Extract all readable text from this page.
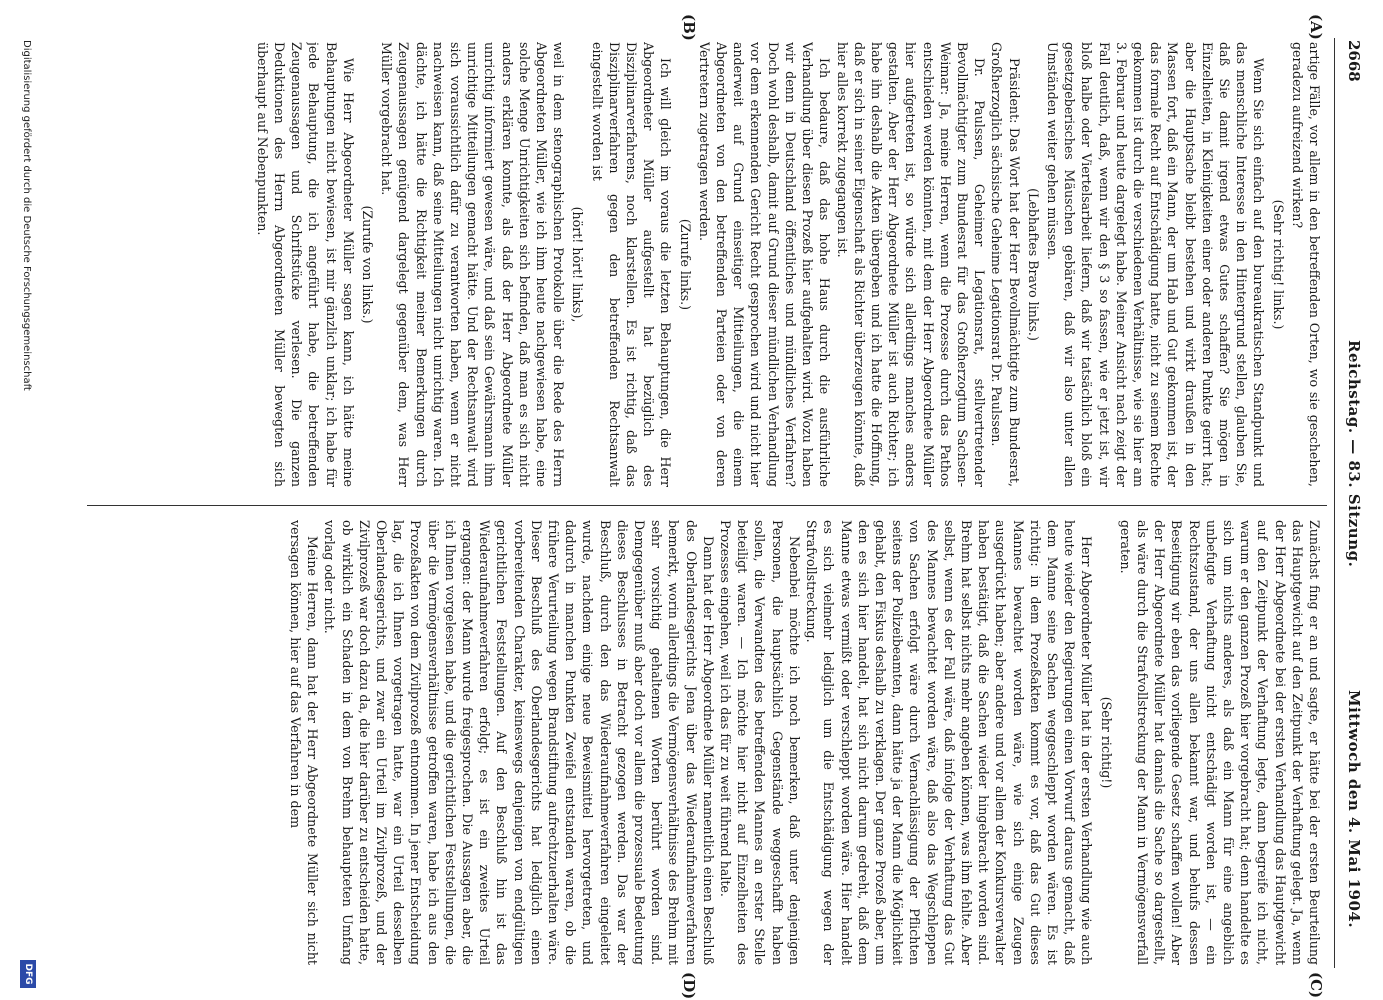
2668
Reichstag. — 83. Sitzung.
Mittwoch den 4. Mai 1904.
(A)
(B)
(C)
(D)

artige Fälle, vor allem in den betreffenden Orten, wo sie geschehen, geradezu aufreizend wirken?

(Sehr richtig! links.)

Wenn Sie sich einfach auf den bureaukratischen Standpunkt und das menschliche Interesse in den Hintergrund stellen, glauben Sie, daß Sie damit irgend etwas Gutes schaffen? Sie mögen in Einzelheiten, in Kleinigkeiten einer oder anderen Punkte geirrt hat; aber die Hauptsache bleibt bestehen und wirkt draußen in den Massen fort, daß ein Mann, der um Hab und Gut gekommen ist, der das formale Recht auf Entschädigung hatte, nicht zu seinem Rechte gekommen ist durch die verschiedenen Verhältnisse, wie sie hier am 3. Februar und heute dargelegt habe. Meiner Ansicht nach zeigt der Fall deutlich, daß, wenn wir den § 3 so fassen, wie er jetzt ist, wir bloß halbe oder Viertelsarbeit liefern, daß wir tatsächlich bloß ein gesetzgeberisches Mäuschen gebären, daß wir also unter allen Umständen weiter gehen müssen.

(Lebhaftes Bravo links.)

Präsident: Das Wort hat der Herr Bevollmächtigte zum Bundesrat, Großherzoglich sächsische Geheime Legationsrat Dr. Paulssen.

Dr. Paulssen, Geheimer Legationsrat, stellvertretender Bevollmächtigter zum Bundesrat für das Großherzogtum Sachsen-Weimar: Ja, meine Herren, wenn die Prozesse durch das Pathos entschieden werden könnten, mit dem der Herr Abgeordnete Müller hier aufgetreten ist, so würde sich allerdings manches anders gestalten. Aber der Herr Abgeordnete Müller ist auch Richter; ich habe ihn deshalb die Akten übergeben und ich hatte die Hoffnung, daß er sich in seiner Eigenschaft als Richter überzeugen könnte, daß hier alles korrekt zugegangen ist.

Ich bedaure, daß das hohe Haus durch die ausführliche Verhandlung über diesen Prozeß hier aufgehalten wird. Wozu haben wir denn in Deutschland öffentliches und mündliches Verfahren? Doch wohl deshalb, damit auf Grund dieser mündlichen Verhandlung vor dem erkennenden Gericht Recht gesprochen wird und nicht hier anderweit auf Grund einseitiger Mitteilungen, die einem Abgeordneten von den betreffenden Parteien oder von deren Vertretern zugetragen werden.

(Zurufe links.)

Ich will gleich im voraus die letzten Behauptungen, die Herr Abgeordneter Müller aufgestellt hat bezüglich des Disziplinarverfahrens, noch klarstellen. Es ist richtig, daß das Disziplinarverfahren gegen den betreffenden Rechtsanwalt eingestellt worden ist

(hört! hört! links),

weil in dem stenographischen Protokolle über die Rede des Herrn Abgeordneten Müller, wie ich ihm heute nachgewiesen habe, eine solche Menge Unrichtigkeiten sich befinden, daß man es sich nicht anders erklären konnte, als daß der Herr Abgeordnete Müller unrichtig informiert gewesen wäre, und daß sein Gewährsmann ihm unrichtige Mitteilungen gemacht hätte. Und der Rechtsanwalt wird sich voraussichtlich dafür zu verantworten haben, wenn er nicht nachweisen kann, daß seine Mitteilungen nicht unrichtig waren. Ich dächte, ich hätte die Richtigkeit meiner Bemerkungen durch Zeugenaussagen genügend dargelegt gegenüber dem, was Herr Müller vorgebracht hat.

(Zurufe von links.)

Wie Herr Abgeordneter Müller sagen kann, ich hätte meine Behauptungen nicht bewiesen, ist mir gänzlich unklar; ich habe für jede Behauptung, die ich angeführt habe, die betreffenden Zeugenaussagen und Schriftstücke verlesen. Die ganzen Deduktionen des Herrn Abgeordneten Müller bewegten sich überhaupt auf Nebenpunkten.

Zunächst fing er an und sagte, er hätte bei der ersten Beurteilung das Hauptgewicht auf den Zeitpunkt der Verhaftung gelegt. Ja, wenn der Herr Abgeordnete bei der ersten Verhandlung das Hauptgewicht auf den Zeitpunkt der Verhaftung legte, dann begreife ich nicht, warum er den ganzen Prozeß hier vorgebracht hat; denn handelte es sich um nichts anderes, als daß ein Mann für eine angeblich unbefugte Verhaftung nicht entschädigt worden ist, — ein Rechtszustand, der uns allen bekannt war, und behufs dessen Beseitigung wir eben das vorliegende Gesetz schaffen wollen! Aber der Herr Abgeordnete Müller hat damals die Sache so dargestellt, als wäre durch die Strafvollstreckung der Mann in Vermögensverfall geraten.

(Sehr richtig!)

Herr Abgeordneter Müller hat in der ersten Verhandlung wie auch heute wieder den Regierungen einen Vorwurf daraus gemacht, daß dem Manne seine Sachen weggeschleppt worden wären. Es ist richtig: in dem Prozeßakten kommt es vor, daß das Gut dieses Mannes bewachtet worden wäre, wie sich einige Zeugen ausgedrückt haben; aber andere und vor allem der Konkursverwalter haben bestätigt, daß die Sachen wieder hingebracht worden sind. Brehm hat selbst nichts mehr angeben können, was ihm fehlte. Aber selbst, wenn es der Fall wäre, daß infolge der Verhaftung das Gut des Mannes bewachtet worden wäre, daß also das Wegschleppen von Sachen erfolgt wäre durch Vernachlässigung der Pflichten seitens der Polizeibeamten, dann hätte ja der Mann die Möglichkeit gehabt, den Fiskus deshalb zu verklagen. Der ganze Prozeß aber, um den es sich hier handelt, hat sich nicht darum gedreht, daß dem Manne etwas vermißt oder verschleppt worden wäre. Hier handelt es sich vielmehr lediglich um die Entschädigung wegen der Strafvollstreckung.

Nebenbei möchte ich noch bemerken, daß unter denjenigen Personen, die hauptsächlich Gegenstände weggeschafft haben sollen, die Verwandten des betreffenden Mannes an erster Stelle beteiligt waren. — Ich möchte hier nicht auf Einzelheiten des Prozesses eingehen, weil ich das für zu weit führend halte.

Dann hat der Herr Abgeordnete Müller namentlich einen Beschluß des Oberlandesgerichts Jena über das Wiederaufnahmeverfahren bemerkt, worin allerdings die Vermögensverhältnisse des Brehm mit sehr vorsichtig gehaltenen Worten berührt worden sind. Demgegenüber muß aber doch vor allem die prozessuale Bedeutung dieses Beschlusses in Betracht gezogen werden. Das war der Beschluß, durch den das Wiederaufnahmeverfahren eingeleitet wurde, nachdem einige neue Beweismittel hervorgetreten, und dadurch in manchen Punkten Zweifel entstanden waren, ob die frühere Verurteilung wegen Brandstiftung aufrechtzuerhalten wäre. Dieser Beschluß des Oberlandesgerichts hat lediglich einen vorbereitenden Charakter, keineswegs denjenigen von endgültigen gerichtlichen Feststellungen. Auf den Beschluß hin ist das Wiederaufnahmeverfahren erfolgt; es ist ein zweites Urteil ergangen: der Mann wurde freigesprochen. Die Aussagen aber, die ich Ihnen vorgelesen habe, und die gerichtlichen Feststellungen, die über die Vermögensverhältnisse getroffen waren, habe ich aus den Prozeßakten von dem Zivilprozeß entnommen. In jener Entscheidung lag, die ich Ihnen vorgetragen hatte, war ein Urteil desselben Oberlandesgerichts, und zwar ein Urteil im Zivilprozeß, und der Zivilprozeß war doch dazu da, die hier darüber zu entscheiden hatte, ob wirklich ein Schaden in dem von Brehm behaupteten Umfang vorlag oder nicht.

Meine Herren, dann hat der Herr Abgeordnete Müller sich nicht versagen können, hier auf das Verfahren in dem

Digitalisierung gefördert durch die Deutsche Forschungsgemeinschaft
DFG
